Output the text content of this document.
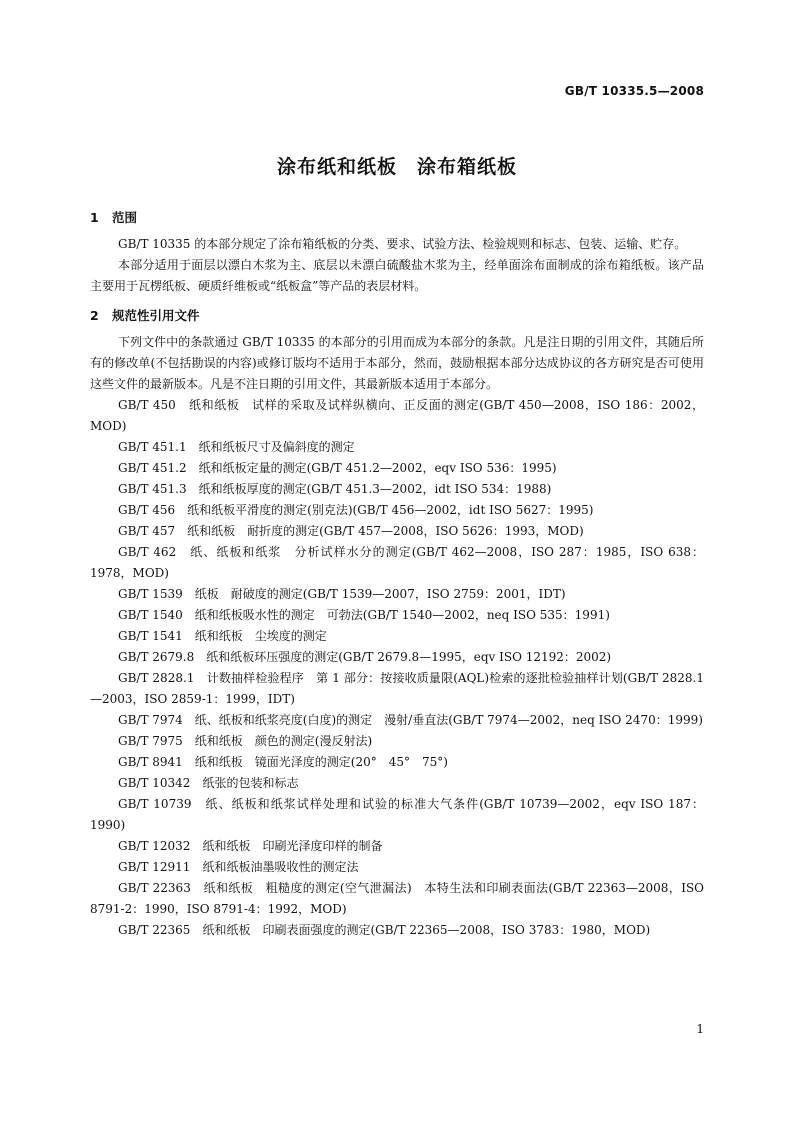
GB/T 10335.5—2008
涂布纸和纸板　涂布箱纸板
1 范围

GB/T 10335 的本部分规定了涂布箱纸板的分类、要求、试验方法、检验规则和标志、包装、运输、贮存。

本部分适用于面层以漂白木浆为主、底层以未漂白硫酸盐木浆为主，经单面涂布面制成的涂布箱纸板。该产品主要用于瓦楞纸板、硬质纤维板或“纸板盒”等产品的表层材料。

2 规范性引用文件

下列文件中的条款通过 GB/T 10335 的本部分的引用而成为本部分的条款。凡是注日期的引用文件，其随后所有的修改单(不包括勘误的内容)或修订版均不适用于本部分，然而，鼓励根据本部分达成协议的各方研究是否可使用这些文件的最新版本。凡是不注日期的引用文件，其最新版本适用于本部分。

GB/T 450　纸和纸板　试样的采取及试样纵横向、正反面的测定(GB/T 450—2008，ISO 186：2002，MOD)

GB/T 451.1　纸和纸板尺寸及偏斜度的测定

GB/T 451.2　纸和纸板定量的测定(GB/T 451.2—2002，eqv ISO 536：1995)

GB/T 451.3　纸和纸板厚度的测定(GB/T 451.3—2002，idt ISO 534：1988)

GB/T 456　纸和纸板平滑度的测定(别克法)(GB/T 456—2002，idt ISO 5627：1995)

GB/T 457　纸和纸板　耐折度的测定(GB/T 457—2008，ISO 5626：1993，MOD)

GB/T 462　纸、纸板和纸浆　分析试样水分的测定(GB/T 462—2008，ISO 287：1985，ISO 638：1978，MOD)

GB/T 1539　纸板　耐破度的测定(GB/T 1539—2007，ISO 2759：2001，IDT)

GB/T 1540　纸和纸板吸水性的测定　可勃法(GB/T 1540—2002，neq ISO 535：1991)

GB/T 1541　纸和纸板　尘埃度的测定

GB/T 2679.8　纸和纸板环压强度的测定(GB/T 2679.8—1995，eqv ISO 12192：2002)

GB/T 2828.1　计数抽样检验程序　第 1 部分：按接收质量限(AQL)检索的逐批检验抽样计划(GB/T 2828.1—2003，ISO 2859-1：1999，IDT)

GB/T 7974　纸、纸板和纸浆亮度(白度)的测定　漫射/垂直法(GB/T 7974—2002，neq ISO 2470：1999)

GB/T 7975　纸和纸板　颜色的测定(漫反射法)

GB/T 8941　纸和纸板　镜面光泽度的测定(20°　45°　75°)

GB/T 10342　纸张的包装和标志

GB/T 10739　纸、纸板和纸浆试样处理和试验的标准大气条件(GB/T 10739—2002，eqv ISO 187：1990)

GB/T 12032　纸和纸板　印刷光泽度印样的制备

GB/T 12911　纸和纸板油墨吸收性的测定法

GB/T 22363　纸和纸板　粗糙度的测定(空气泄漏法)　本特生法和印刷表面法(GB/T 22363—2008，ISO 8791-2：1990，ISO 8791-4：1992，MOD)

GB/T 22365　纸和纸板　印刷表面强度的测定(GB/T 22365—2008，ISO 3783：1980，MOD)

1
